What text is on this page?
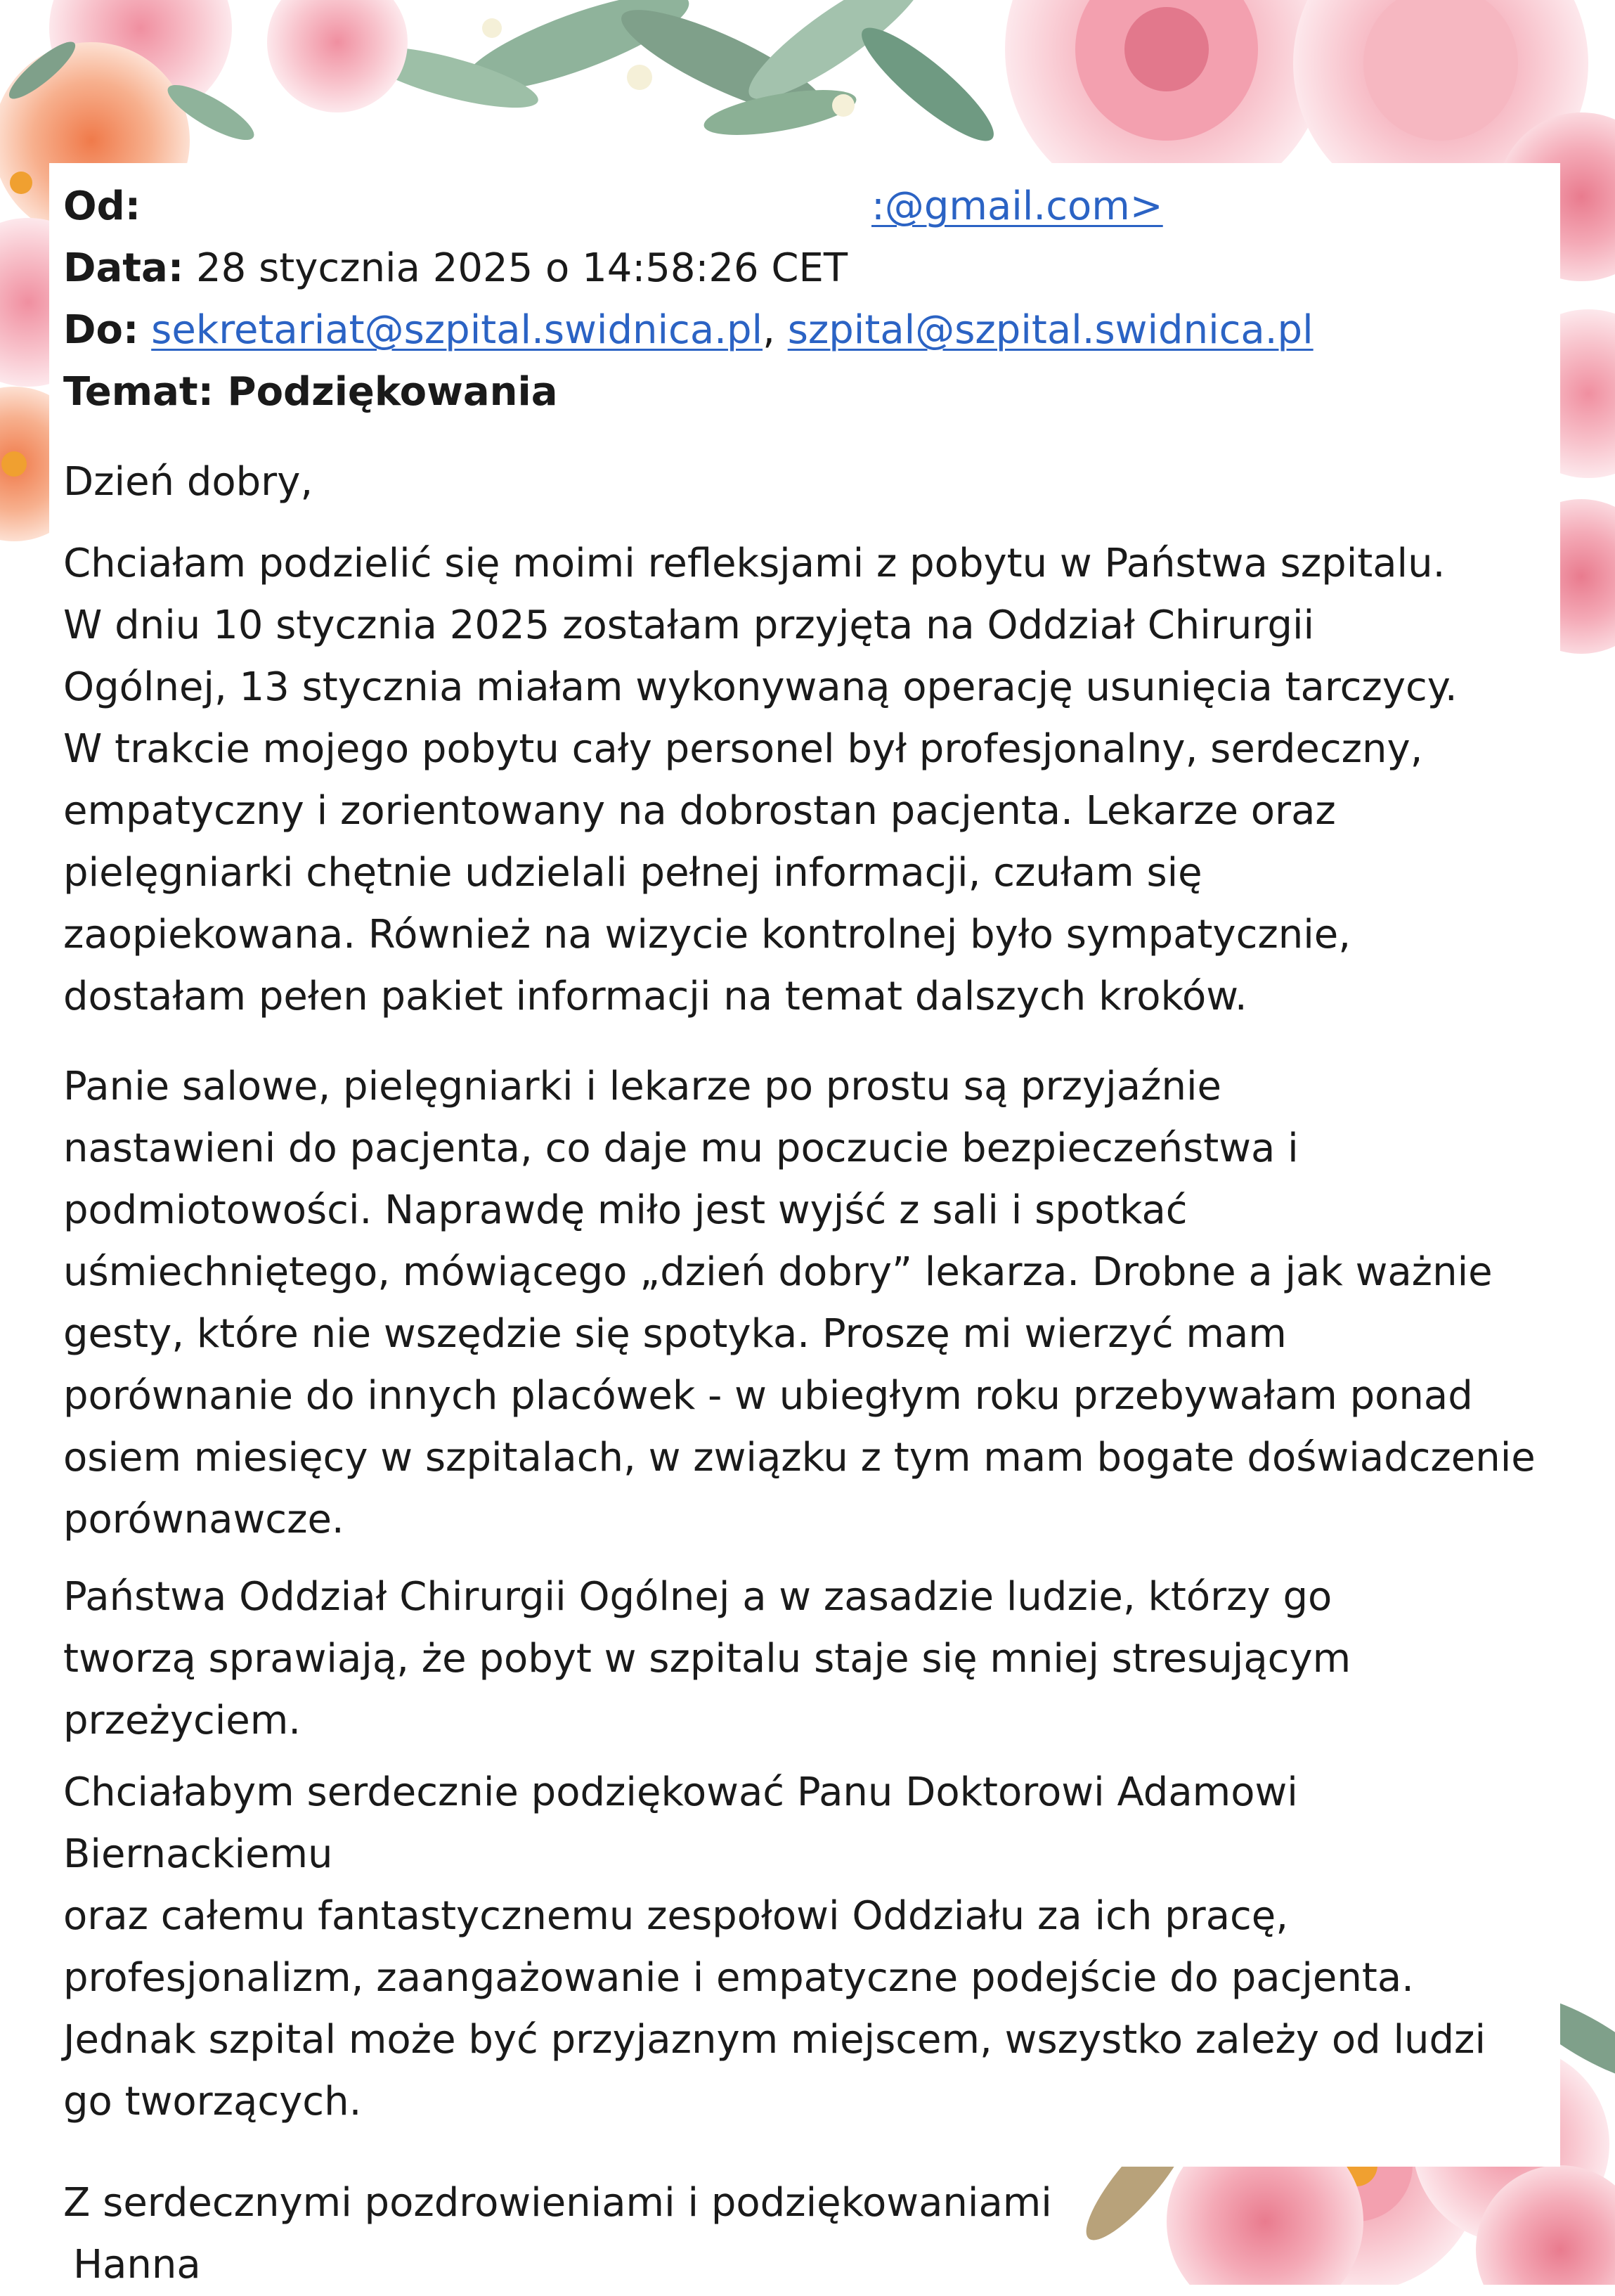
Od:	:@gmail.com>
Data: 28 stycznia 2025 o 14:58:26 CET
Do: sekretariat@szpital.swidnica.pl, szpital@szpital.swidnica.pl
Temat: Podziękowania

Dzień dobry,

Chciałam podzielić się moimi refleksjami z pobytu w Państwa szpitalu.

W dniu 10 stycznia 2025 zostałam przyjęta na Oddział Chirurgii
Ogólnej, 13 stycznia miałam wykonywaną operację usunięcia tarczycy.

W trakcie mojego pobytu cały personel był profesjonalny, serdeczny,
empatyczny i zorientowany na dobrostan pacjenta. Lekarze oraz
pielęgniarki chętnie udzielali pełnej informacji, czułam się
zaopiekowana. Również na wizycie kontrolnej było sympatycznie,
dostałam pełen pakiet informacji na temat dalszych kroków.

Panie salowe, pielęgniarki i lekarze po prostu są przyjaźnie
nastawieni do pacjenta, co daje mu poczucie bezpieczeństwa i
podmiotowości. Naprawdę miło jest wyjść z sali i spotkać
uśmiechniętego, mówiącego „dzień dobry” lekarza. Drobne a jak ważnie
gesty, które nie wszędzie się spotyka. Proszę mi wierzyć mam
porównanie do innych placówek - w ubiegłym roku przebywałam ponad
osiem miesięcy w szpitalach, w związku z tym mam bogate doświadczenie
porównawcze.

Państwa Oddział Chirurgii Ogólnej a w zasadzie ludzie, którzy go
tworzą sprawiają, że pobyt w szpitalu staje się mniej stresującym
przeżyciem.

Chciałabym serdecznie podziękować Panu Doktorowi Adamowi Biernackiemu
oraz całemu fantastycznemu zespołowi Oddziału za ich pracę,
profesjonalizm, zaangażowanie i empatyczne podejście do pacjenta.
Jednak szpital może być przyjaznym miejscem, wszystko zależy od ludzi
go tworzących.

Z serdecznymi pozdrowieniami i podziękowaniami

Hanna
